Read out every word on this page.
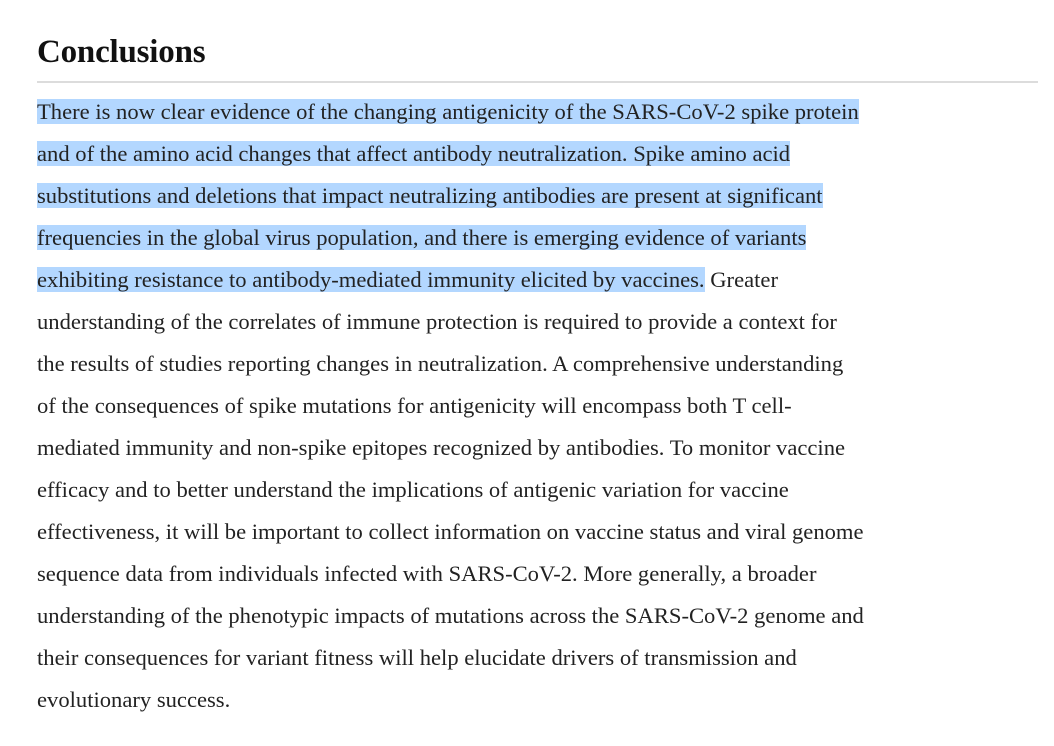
Conclusions

There is now clear evidence of the changing antigenicity of the SARS-CoV-2 spike protein
and of the amino acid changes that affect antibody neutralization. Spike amino acid
substitutions and deletions that impact neutralizing antibodies are present at significant
frequencies in the global virus population, and there is emerging evidence of variants
exhibiting resistance to antibody-mediated immunity elicited by vaccines. Greater
understanding of the correlates of immune protection is required to provide a context for
the results of studies reporting changes in neutralization. A comprehensive understanding
of the consequences of spike mutations for antigenicity will encompass both T cell-
mediated immunity and non-spike epitopes recognized by antibodies. To monitor vaccine
efficacy and to better understand the implications of antigenic variation for vaccine
effectiveness, it will be important to collect information on vaccine status and viral genome
sequence data from individuals infected with SARS-CoV-2. More generally, a broader
understanding of the phenotypic impacts of mutations across the SARS-CoV-2 genome and
their consequences for variant fitness will help elucidate drivers of transmission and
evolutionary success.
